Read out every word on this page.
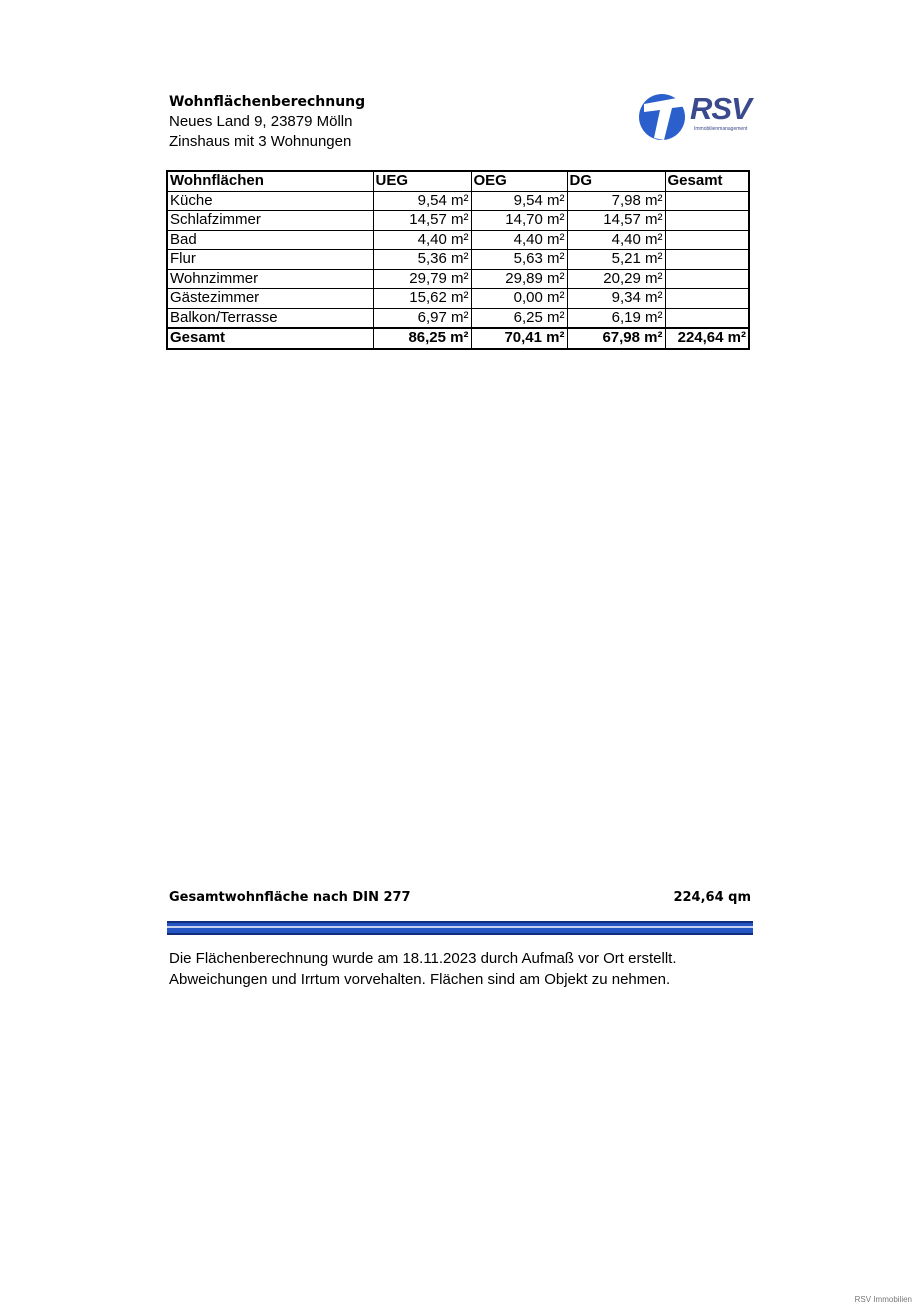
Wohnflächenberechnung
Neues Land 9, 23879 Mölln
Zinshaus mit 3 Wohnungen
RSV
Immobilienmanagement
Wohnflächen	UEG	OEG	DG	Gesamt
Küche	9,54 m²	9,54 m²	7,98 m²	
Schlafzimmer	14,57 m²	14,70 m²	14,57 m²	
Bad	4,40 m²	4,40 m²	4,40 m²	
Flur	5,36 m²	5,63 m²	5,21 m²	
Wohnzimmer	29,79 m²	29,89 m²	20,29 m²	
Gästezimmer	15,62 m²	0,00 m²	9,34 m²	
Balkon/Terrasse	6,97 m²	6,25 m²	6,19 m²	
Gesamt	86,25 m²	70,41 m²	67,98 m²	224,64 m²
Gesamtwohnfläche nach DIN 277	224,64 qm
Die Flächenberechnung wurde am 18.11.2023 durch Aufmaß vor Ort erstellt.
Abweichungen und Irrtum vorvehalten. Flächen sind am Objekt zu nehmen.
RSV Immobilien
